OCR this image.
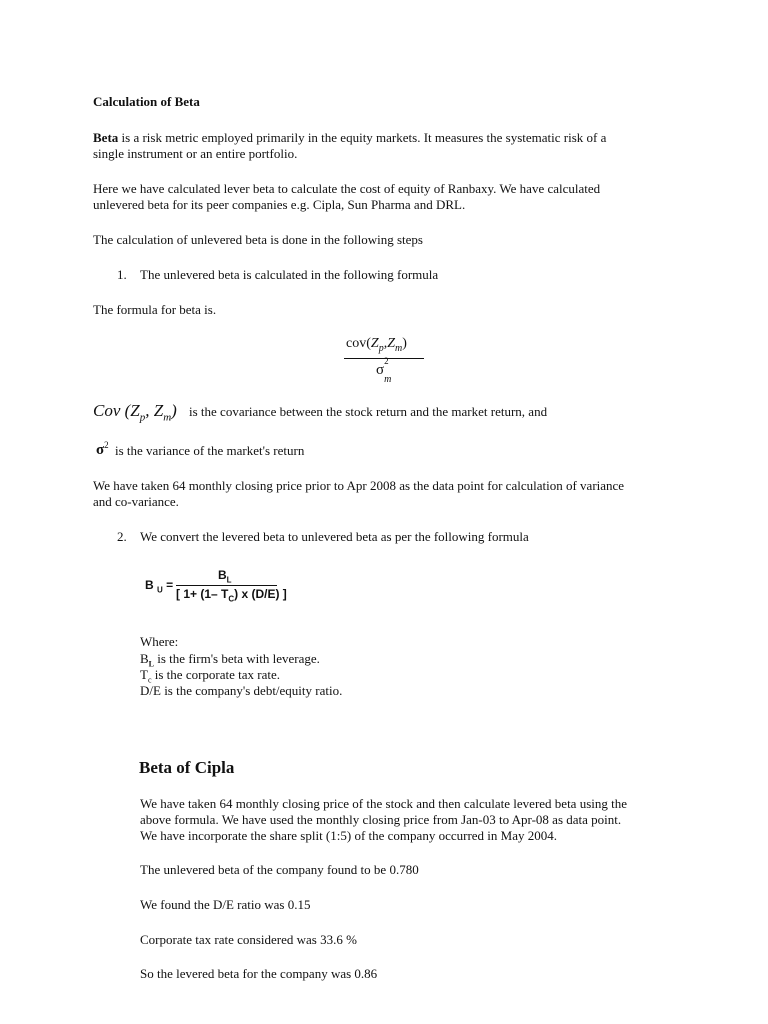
Calculation of Beta
Beta is a risk metric employed primarily in the equity markets. It measures the systematic risk of a
single instrument or an entire portfolio.
Here we have calculated lever beta to calculate the cost of equity of Ranbaxy. We have calculated
unlevered beta for its peer companies e.g. Cipla, Sun Pharma and DRL.
The calculation of unlevered beta is done in the following steps
1. The unlevered beta is calculated in the following formula
The formula for beta is.
$cov(Z_p,Z_m)$
σ
2
$_m$
Cov ($Z_p$, $Z_m$) is the covariance between the stock return and the market return, and
$\sigma^2$ is the variance of the market's return
We have taken 64 monthly closing price prior to Apr 2008 as the data point for calculation of variance
and co-variance.
2. We convert the levered beta to unlevered beta as per the following formula
B $_U$ =
$B_L$
[ 1+ (1– $T_C$) x (D/E) ]
Where:
$B_L$ is the firm's beta with leverage.
$T_c$ is the corporate tax rate.
D/E is the company's debt/equity ratio.
Beta of Cipla
We have taken 64 monthly closing price of the stock and then calculate levered beta using the
above formula. We have used the monthly closing price from Jan-03 to Apr-08 as data point.
We have incorporate the share split (1:5) of the company occurred in May 2004.
The unlevered beta of the company found to be 0.780
We found the D/E ratio was 0.15
Corporate tax rate considered was 33.6 %
So the levered beta for the company was 0.86
